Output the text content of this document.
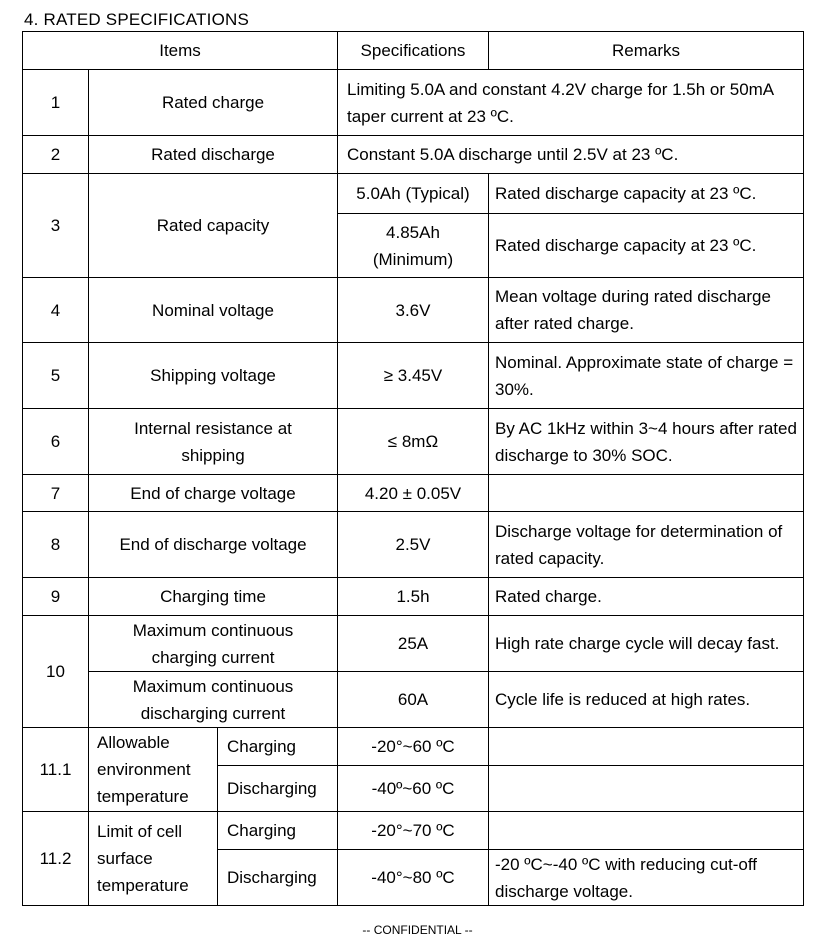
4. RATED SPECIFICATIONS
Items			Specifications	Remarks
1	Rated charge		Limiting 5.0A and constant 4.2V charge for 1.5h or 50mA taper current at 23 ºC.	
2	Rated discharge		Constant 5.0A discharge until 2.5V at 23 ºC.	
3	Rated capacity		5.0Ah (Typical)	Rated discharge capacity at 23 ºC.
			4.85Ah (Minimum)	Rated discharge capacity at 23 ºC.
4	Nominal voltage		3.6V	Mean voltage during rated discharge after rated charge.
5	Shipping voltage		≥ 3.45V	Nominal. Approximate state of charge = 30%.
6	Internal resistance at shipping		≤ 8mΩ	By AC 1kHz within 3~4 hours after rated discharge to 30% SOC.
7	End of charge voltage		4.20 ± 0.05V	
8	End of discharge voltage		2.5V	Discharge voltage for determination of rated capacity.
9	Charging time		1.5h	Rated charge.
10	Maximum continuous charging current		25A	High rate charge cycle will decay fast.
	Maximum continuous discharging current		60A	Cycle life is reduced at high rates.
11.1	Allowable environment temperature	Charging	-20°~60 ºC	
		Discharging	-40º~60 ºC	
11.2	Limit of cell surface temperature	Charging	-20°~70 ºC	
		Discharging	-40°~80 ºC	-20 ºC~-40 ºC with reducing cut-off discharge voltage.
-- CONFIDENTIAL --
